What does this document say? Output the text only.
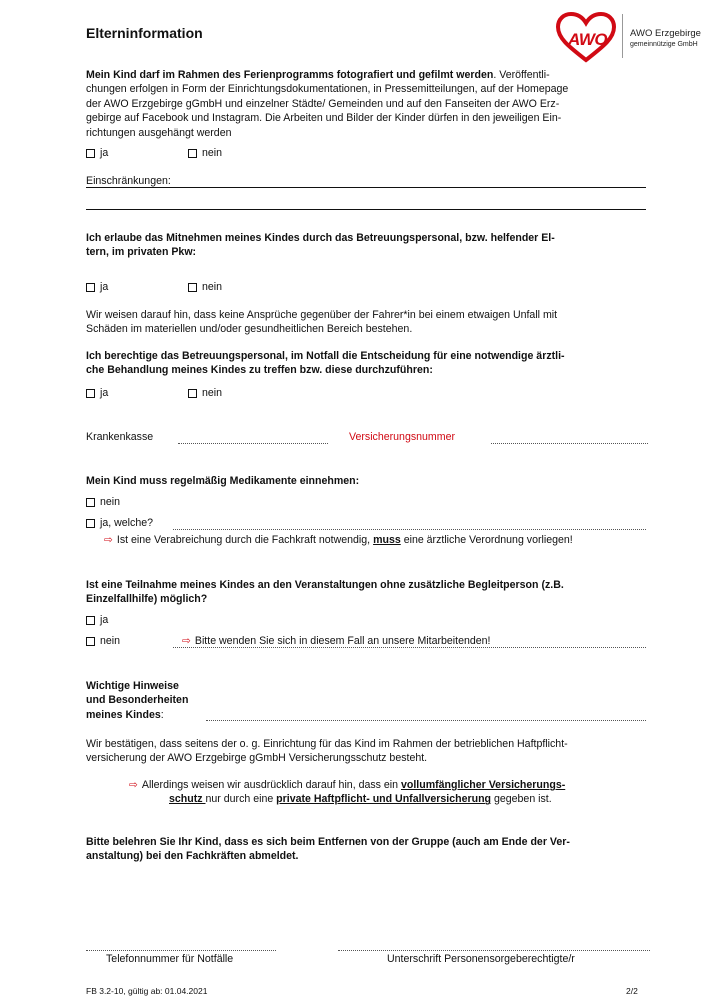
Elterninformation	AWO AWO Erzgebirge
gemeinnützige GmbH
Mein Kind darf im Rahmen des Ferienprogramms fotografiert und gefilmt werden. Veröffentli-
chungen erfolgen in Form der Einrichtungsdokumentationen, in Pressemitteilungen, auf der Homepage
der AWO Erzgebirge gGmbH und einzelner Städte/ Gemeinden und auf den Fanseiten der AWO Erz-
gebirge auf Facebook und Instagram. Die Arbeiten und Bilder der Kinder dürfen in den jeweiligen Ein-
richtungen ausgehängt werden
ja	nein
Einschränkungen:
Ich erlaube das Mitnehmen meines Kindes durch das Betreuungspersonal, bzw. helfender El-
tern, im privaten Pkw:
ja	nein
Wir weisen darauf hin, dass keine Ansprüche gegenüber der Fahrer*in bei einem etwaigen Unfall mit
Schäden im materiellen und/oder gesundheitlichen Bereich bestehen.
Ich berechtige das Betreuungspersonal, im Notfall die Entscheidung für eine notwendige ärztli-
che Behandlung meines Kindes zu treffen bzw. diese durchzuführen:
ja	nein
Krankenkasse	Versicherungsnummer
Mein Kind muss regelmäßig Medikamente einnehmen:
nein
ja, welche?
⇨ Ist eine Verabreichung durch die Fachkraft notwendig, muss eine ärztliche Verordnung vorliegen!
Ist eine Teilnahme meines Kindes an den Veranstaltungen ohne zusätzliche Begleitperson (z.B.
Einzelfallhilfe) möglich?
ja
nein	⇨ Bitte wenden Sie sich in diesem Fall an unsere Mitarbeitenden!
Wichtige Hinweise
und Besonderheiten
meines Kindes:
Wir bestätigen, dass seitens der o. g. Einrichtung für das Kind im Rahmen der betrieblichen Haftpflicht-
versicherung der AWO Erzgebirge gGmbH Versicherungsschutz besteht.
⇨ Allerdings weisen wir ausdrücklich darauf hin, dass ein vollumfänglicher Versicherungs-
schutz nur durch eine private Haftpflicht- und Unfallversicherung gegeben ist.
Bitte belehren Sie Ihr Kind, dass es sich beim Entfernen von der Gruppe (auch am Ende der Ver-
anstaltung) bei den Fachkräften abmeldet.
Telefonnummer für Notfälle	Unterschrift Personensorgeberechtigte/r
FB 3.2-10, gültig ab: 01.04.2021	2/2
